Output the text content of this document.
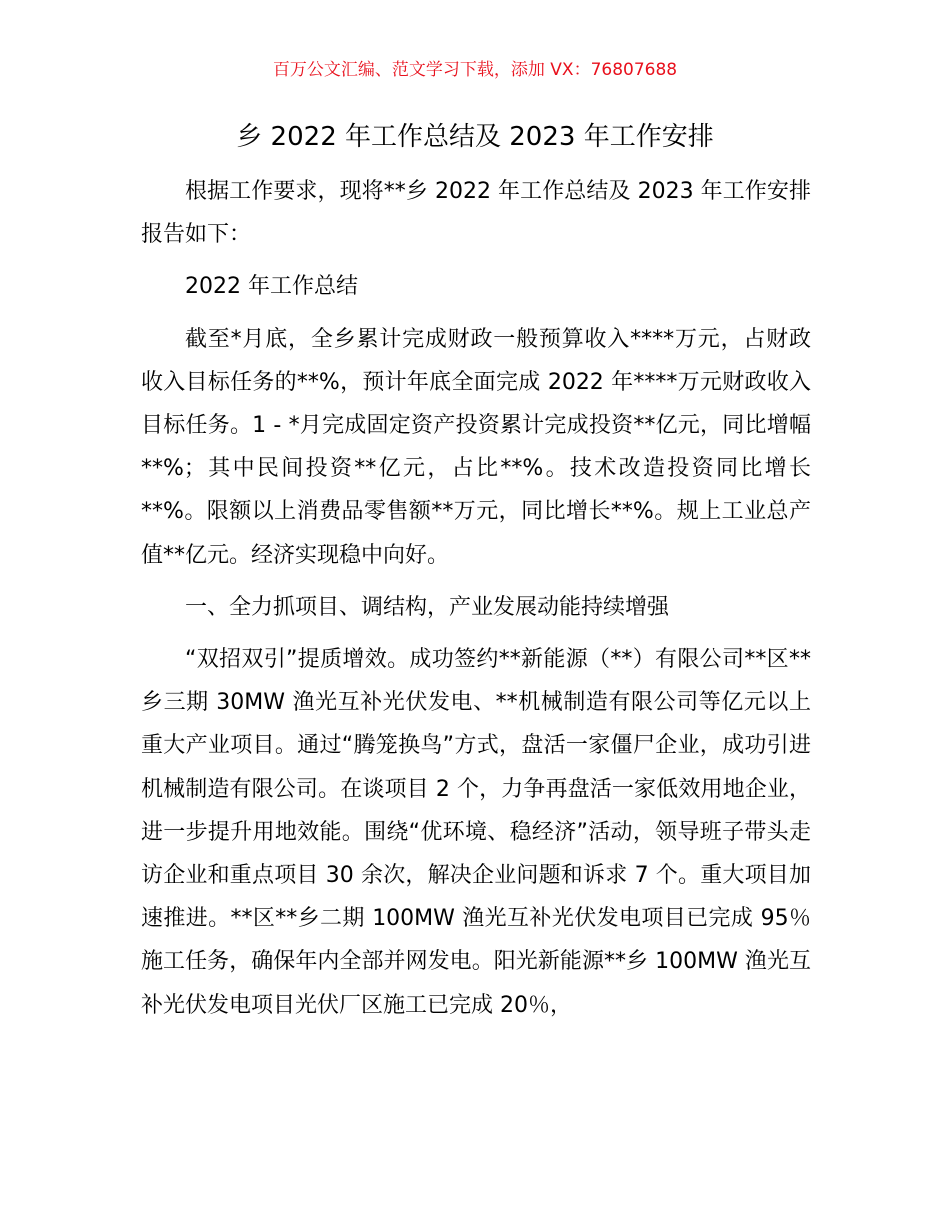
百万公文汇编、范文学习下载，添加 VX：76807688
乡 2022 年工作总结及 2023 年工作安排

根据工作要求，现将**乡 2022 年工作总结及 2023 年工作安排报告如下：

2022 年工作总结

截至*月底，全乡累计完成财政一般预算收入****万元，占财政收入目标任务的**%，预计年底全面完成 2022 年****万元财政收入目标任务。1 - *月完成固定资产投资累计完成投资**亿元，同比增幅**%；其中民间投资**亿元，占比**%。技术改造投资同比增长**%。限额以上消费品零售额**万元，同比增长**%。规上工业总产值**亿元。经济实现稳中向好。

一、全力抓项目、调结构，产业发展动能持续增强

“双招双引”提质增效。成功签约**新能源（**）有限公司**区**乡三期 30MW 渔光互补光伏发电、**机械制造有限公司等亿元以上重大产业项目。通过“腾笼换鸟”方式，盘活一家僵尸企业，成功引进机械制造有限公司。在谈项目 2 个，力争再盘活一家低效用地企业，进一步提升用地效能。围绕“优环境、稳经济”活动，领导班子带头走访企业和重点项目 30 余次，解决企业问题和诉求 7 个。重大项目加速推进。**区**乡二期 100MW 渔光互补光伏发电项目已完成 95％施工任务，确保年内全部并网发电。阳光新能源**乡 100MW 渔光互补光伏发电项目光伏厂区施工已完成 20％，
